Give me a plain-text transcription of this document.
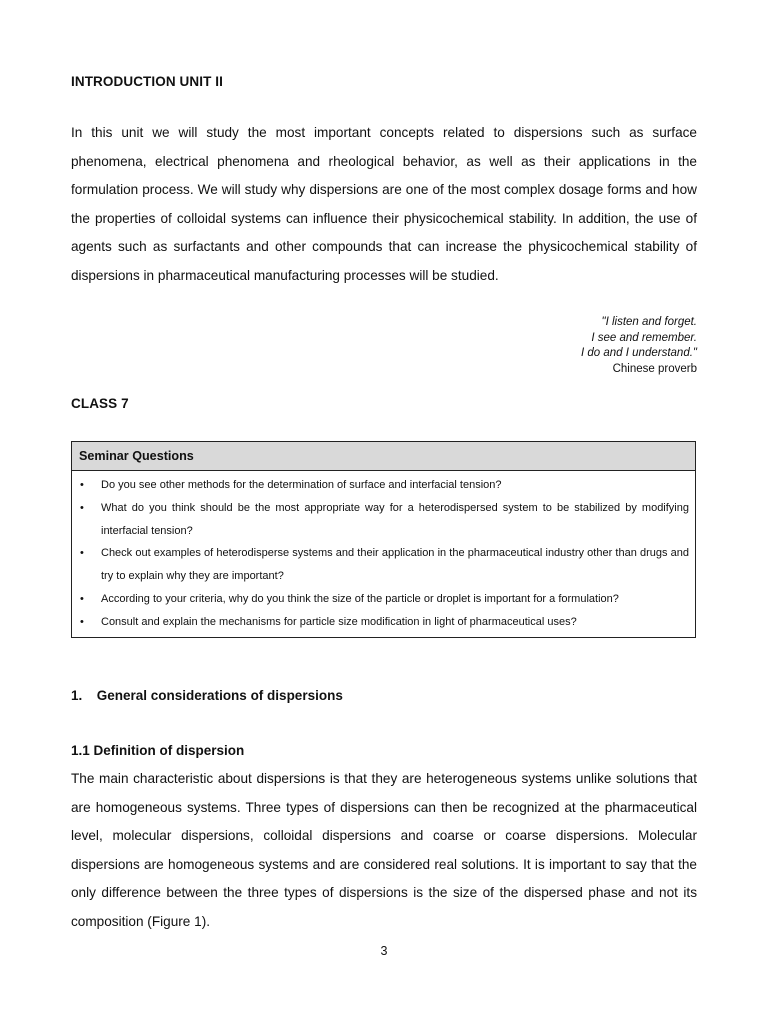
INTRODUCTION UNIT II

In this unit we will study the most important concepts related to dispersions such as surface phenomena, electrical phenomena and rheological behavior, as well as their applications in the formulation process. We will study why dispersions are one of the most complex dosage forms and how the properties of colloidal systems can influence their physicochemical stability. In addition, the use of agents such as surfactants and other compounds that can increase the physicochemical stability of dispersions in pharmaceutical manufacturing processes will be studied.

"I listen and forget.
I see and remember.
I do and I understand."
Chinese proverb
CLASS 7
Seminar Questions
• Do you see other methods for the determination of surface and interfacial tension?
• What do you think should be the most appropriate way for a heterodispersed system to be stabilized by modifying interfacial tension?
• Check out examples of heterodisperse systems and their application in the pharmaceutical industry other than drugs and try to explain why they are important?
• According to your criteria, why do you think the size of the particle or droplet is important for a formulation?
• Consult and explain the mechanisms for particle size modification in light of pharmaceutical uses?
1. General considerations of dispersions
1.1 Definition of dispersion

The main characteristic about dispersions is that they are heterogeneous systems unlike solutions that are homogeneous systems. Three types of dispersions can then be recognized at the pharmaceutical level, molecular dispersions, colloidal dispersions and coarse or coarse dispersions. Molecular dispersions are homogeneous systems and are considered real solutions. It is important to say that the only difference between the three types of dispersions is the size of the dispersed phase and not its composition (Figure 1).

3
